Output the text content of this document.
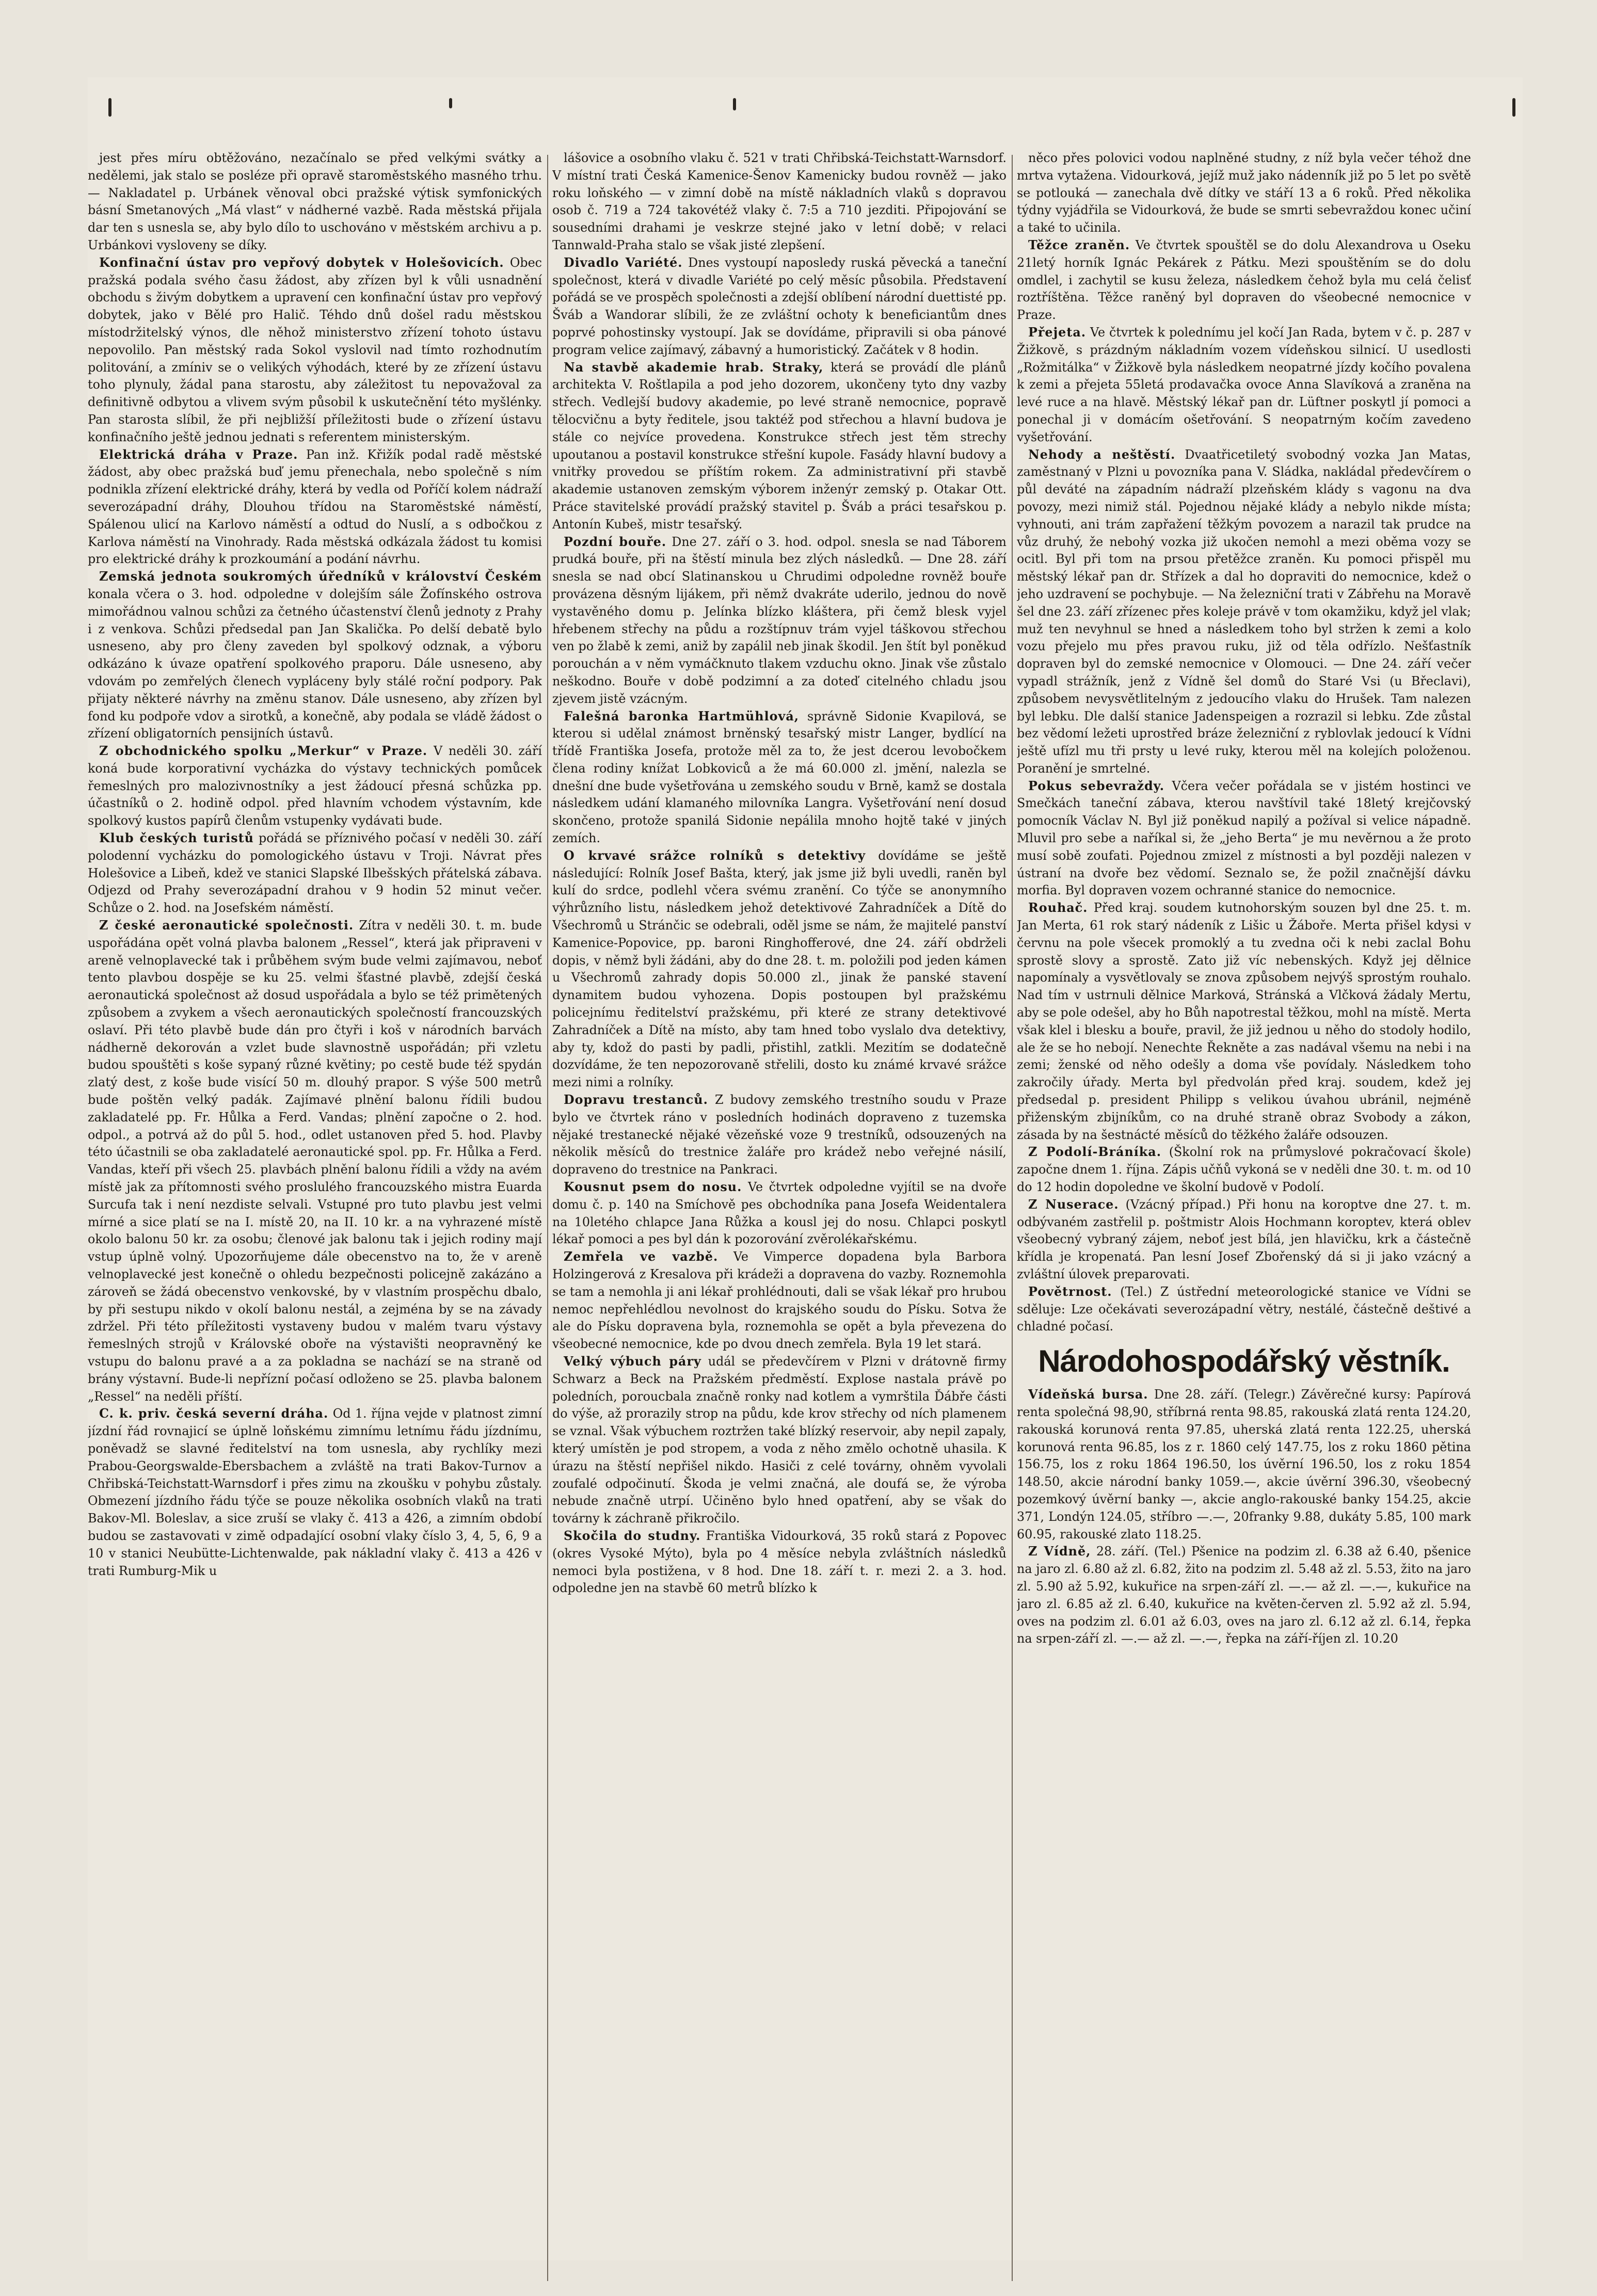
jest přes míru obtěžováno, nezačínalo se před velkými svátky a nedělemi, jak stalo se posléze při opravě staroměstského masného trhu. — Nakladatel p. Urbánek věnoval obci pražské výtisk symfonických básní Smetanových „Má vlast“ v nádherné vazbě. Rada městská přijala dar ten s usnesla se, aby bylo dílo to uschováno v městském archivu a p. Urbánkovi vysloveny se díky.

Konfinační ústav pro vepřový dobytek v Holešovicích. Obec pražská podala svého času žádost, aby zřízen byl k vůli usnadnění obchodu s živým dobytkem a upravení cen konfinační ústav pro vepřový dobytek, jako v Bělé pro Halič. Téhdo dnů došel radu městskou místodržitelský výnos, dle něhož ministerstvo zřízení tohoto ústavu nepovolilo. Pan městský rada Sokol vyslovil nad tímto rozhodnutím politování, a zmíniv se o velikých výhodách, které by ze zřízení ústavu toho plynuly, žádal pana starostu, aby záležitost tu nepovažoval za definitivně odbytou a vlivem svým působil k uskutečnění této myšlénky. Pan starosta slíbil, že při nejbližší příležitosti bude o zřízení ústavu konfinačního ještě jednou jednati s referentem ministerským.

Elektrická dráha v Praze. Pan inž. Křižík podal radě městské žádost, aby obec pražská buď jemu přenechala, nebo společně s ním podnikla zřízení elektrické dráhy, která by vedla od Poříčí kolem nádraží severozápadní dráhy, Dlouhou třídou na Staroměstské náměstí, Spálenou ulicí na Karlovo náměstí a odtud do Nuslí, a s odbočkou z Karlova náměstí na Vinohrady. Rada městská odkázala žádost tu komisi pro elektrické dráhy k prozkoumání a podání návrhu.

Zemská jednota soukromých úředníků v království Českém konala včera o 3. hod. odpoledne v dolejším sále Žofínského ostrova mimořádnou valnou schůzi za četného účastenství členů jednoty z Prahy i z venkova. Schůzi předsedal pan Jan Skalička. Po delší debatě bylo usneseno, aby pro členy zaveden byl spolkový odznak, a výboru odkázáno k úvaze opatření spolkového praporu. Dále usneseno, aby vdovám po zemřelých členech vypláceny byly stálé roční podpory. Pak přijaty některé návrhy na změnu stanov. Dále usneseno, aby zřízen byl fond ku podpoře vdov a sirotků, a konečně, aby podala se vládě žádost o zřízení obligatorních pensijních ústavů.

Z obchodnického spolku „Merkur“ v Praze. V neděli 30. září koná bude korporativní vycházka do výstavy technických pomůcek řemeslných pro malozivnostníky a jest žádoucí přesná schůzka pp. účastníků o 2. hodině odpol. před hlavním vchodem výstavním, kde spolkový kustos papírů členům vstupenky vydávati bude.

Klub českých turistů pořádá se příznivého počasí v neděli 30. září polodenní vycházku do pomologického ústavu v Troji. Návrat přes Holešovice a Libeň, kdež ve stanici Slapské Ilbešských přátelská zábava. Odjezd od Prahy severozápadní drahou v 9 hodin 52 minut večer. Schůze o 2. hod. na Josefském náměstí.

Z české aeronautické společnosti. Zítra v neděli 30. t. m. bude uspořádána opět volná plavba balonem „Ressel“, která jak připraveni v areně velnoplavecké tak i průběhem svým bude velmi zajímavou, neboť tento plavbou dospěje se ku 25. velmi šťastné plavbě, zdejší česká aeronautická společnost až dosud uspořádala a bylo se též primětených způsobem a zvykem a všech aeronautických společností francouzských oslaví. Při této plavbě bude dán pro čtyři i koš v národních barvách nádherně dekorován a vzlet bude slavnostně uspořádán; při vzletu budou spouštěti s koše sypaný různé květiny; po cestě bude též spydán zlatý dest, z koše bude visící 50 m. dlouhý prapor. S výše 500 metrů bude poštěn velký padák. Zajímavé plnění balonu řídili budou zakladatelé pp. Fr. Hůlka a Ferd. Vandas; plnění započne o 2. hod. odpol., a potrvá až do půl 5. hod., odlet ustanoven před 5. hod. Plavby této účastnili se oba zakladatelé aeronautické spol. pp. Fr. Hůlka a Ferd. Vandas, kteří při všech 25. plavbách plnění balonu řídili a vždy na avém místě jak za přítomnosti svého proslulého francouzského mistra Euarda Surcufa tak i není nezdiste selvali. Vstupné pro tuto plavbu jest velmi mírné a sice platí se na I. místě 20, na II. 10 kr. a na vyhrazené místě okolo balonu 50 kr. za osobu; členové jak balonu tak i jejich rodiny mají vstup úplně volný. Upozorňujeme dále obecenstvo na to, že v areně velnoplavecké jest konečně o ohledu bezpečnosti policejně zakázáno a zároveň se žádá obecenstvo venkovské, by v vlastním prospěchu dbalo, by při sestupu nikdo v okolí balonu nestál, a zejména by se na závady zdržel. Při této příležitosti vystaveny budou v malém tvaru výstavy řemeslných strojů v Královské oboře na výstavišti neopravněný ke vstupu do balonu pravé a a za pokladna se nachází se na straně od brány výstavní. Bude-li nepřízní počasí odloženo se 25. plavba balonem „Ressel“ na neděli příští.

C. k. priv. česká severní dráha. Od 1. října vejde v platnost zimní jízdní řád rovnajicí se úplně loňskému zimnímu letnímu řádu jízdnímu, poněvadž se slavné ředitelství na tom usnesla, aby rychlíky mezi Prabou-Georgswalde-Ebersbachem a zvláště na trati Bakov-Turnov a Chřibská-Teichstatt-Warnsdorf i přes zimu na zkoušku v pohybu zůstaly. Obmezení jízdního řádu týče se pouze několika osobních vlaků na trati Bakov-Ml. Boleslav, a sice zruší se vlaky č. 413 a 426, a zimním období budou se zastavovati v zimě odpadající osobní vlaky číslo 3, 4, 5, 6, 9 a 10 v stanici Neubütte-Lichtenwalde, pak nákladní vlaky č. 413 a 426 v trati Rumburg-Mik u

lášovice a osobního vlaku č. 521 v trati Chřibská-Teichstatt-Warnsdorf. V místní trati Česká Kamenice-Šenov Kamenicky budou rovněž — jako roku loňského — v zimní době na místě nákladních vlaků s dopravou osob č. 719 a 724 takovétéž vlaky č. 7:5 a 710 jezditi. Připojování se sousedními drahami je veskrze stejné jako v letní době; v relaci Tannwald-Praha stalo se však jisté zlepšení.

Divadlo Variété. Dnes vystoupí naposledy ruská pěvecká a taneční společnost, která v divadle Variété po celý měsíc působila. Představení pořádá se ve prospěch společnosti a zdejší oblíbení národní duettisté pp. Šváb a Wandorar slíbili, že ze zvláštní ochoty k beneficiantům dnes poprvé pohostinsky vystoupí. Jak se dovídáme, připravili si oba pánové program velice zajímavý, zábavný a humoristický. Začátek v 8 hodin.

Na stavbě akademie hrab. Straky, která se provádí dle plánů architekta V. Roštlapila a pod jeho dozorem, ukončeny tyto dny vazby střech. Vedlejší budovy akademie, po levé straně nemocnice, popravě tělocvičnu a byty ředitele, jsou taktéž pod střechou a hlavní budova je stále co nejvíce provedena. Konstrukce střech jest těm strechy upoutanou a postavil konstrukce střešní kupole. Fasády hlavní budovy a vnitřky provedou se příštím rokem. Za administrativní při stavbě akademie ustanoven zemským výborem inženýr zemský p. Otakar Ott. Práce stavitelské provádí pražský stavitel p. Šváb a práci tesařskou p. Antonín Kubeš, mistr tesařský.

Pozdní bouře. Dne 27. září o 3. hod. odpol. snesla se nad Táborem prudká bouře, při na štěstí minula bez zlých následků. — Dne 28. září snesla se nad obcí Slatinanskou u Chrudimi odpoledne rovněž bouře provázena děsným lijákem, při němž dvakráte uderilo, jednou do nově vystavěného domu p. Jelínka blízko kláštera, při čemž blesk vyjel hřebenem střechy na půdu a rozštípnuv trám vyjel táškovou střechou ven po žlabě k zemi, aniž by zapálil neb jinak škodil. Jen štít byl poněkud porouchán a v něm vymáčknuto tlakem vzduchu okno. Jinak vše zůstalo neškodno. Bouře v době podzimní a za doteď citelného chladu jsou zjevem jistě vzácným.

Falešná baronka Hartmühlová, správně Sidonie Kvapilová, se kterou si udělal známost brněnský tesařský mistr Langer, bydlící na třídě Františka Josefa, protože měl za to, že jest dcerou levobočkem člena rodiny knížat Lobkoviců a že má 60.000 zl. jmění, nalezla se dnešní dne bude vyšetřována u zemského soudu v Brně, kamž se dostala následkem udání klamaného milovníka Langra. Vyšetřování není dosud skončeno, protože spanilá Sidonie nepálila mnoho hojtě také v jiných zemích.

O krvavé srážce rolníků s detektivy dovídáme se ještě následující: Rolník Josef Bašta, který, jak jsme již byli uvedli, raněn byl kulí do srdce, podlehl včera svému zranění. Co týče se anonymního výhrůzního listu, následkem jehož detektivové Zahradníček a Dítě do Všechromů u Stránčic se odebrali, oděl jsme se nám, že majitelé panství Kamenice-Popovice, pp. baroni Ringhofferové, dne 24. září obdrželi dopis, v němž byli žádáni, aby do dne 28. t. m. položili pod jeden kámen u Všechromů zahrady dopis 50.000 zl., jinak že panské stavení dynamitem budou vyhozena. Dopis postoupen byl pražskému policejnímu ředitelství pražskému, při které ze strany detektivové Zahradníček a Dítě na místo, aby tam hned tobo vyslalo dva detektivy, aby ty, kdož do pasti by padli, přistihl, zatkli. Mezitím se dodatečně dozvídáme, že ten nepozorovaně střelili, dosto ku známé krvavé srážce mezi nimi a rolníky.

Dopravu trestanců. Z budovy zemského trestního soudu v Praze bylo ve čtvrtek ráno v posledních hodinách dopraveno z tuzemska nějaké trestanecké nějaké vězeňské voze 9 trestníků, odsouzených na několik měsíců do trestnice žaláře pro krádež nebo veřejné násilí, dopraveno do trestnice na Pankraci.

Kousnut psem do nosu. Ve čtvrtek odpoledne vyjítil se na dvoře domu č. p. 140 na Smíchově pes obchodníka pana Josefa Weidentalera na 10letého chlapce Jana Růžka a kousl jej do nosu. Chlapci poskytl lékař pomoci a pes byl dán k pozorování zvěrolékařskému.

Zemřela ve vazbě. Ve Vimperce dopadena byla Barbora Holzingerová z Kresalova při krádeži a dopravena do vazby. Roznemohla se tam a nemohla ji ani lékař prohlédnouti, dali se však lékař pro hrubou nemoc nepřehlédlou nevolnost do krajského soudu do Písku. Sotva že ale do Písku dopravena byla, roznemohla se opět a byla převezena do všeobecné nemocnice, kde po dvou dnech zemřela. Byla 19 let stará.

Velký výbuch páry udál se předevčírem v Plzni v drátovně firmy Schwarz a Beck na Pražském předměstí. Explose nastala právě po poledních, poroucbala značně ronky nad kotlem a vymrštila Ďábře části do výše, až prorazily strop na půdu, kde krov střechy od ních plamenem se vznal. Však výbuchem roztržen také blízký reservoir, aby nepil zapaly, který umístěn je pod stropem, a voda z něho změlo ochotně uhasila. K úrazu na štěstí nepřišel nikdo. Hasiči z celé továrny, ohněm vyvolali zoufalé odpočinutí. Škoda je velmi značná, ale doufá se, že výroba nebude značně utrpí. Učiněno bylo hned opatření, aby se však do továrny k záchraně přikročilo.

Skočila do studny. Františka Vidourková, 35 roků stará z Popovec (okres Vysoké Mýto), byla po 4 měsíce nebyla zvláštních následků nemoci byla postižena, v 8 hod. Dne 18. září t. r. mezi 2. a 3. hod. odpoledne jen na stavbě 60 metrů blízko k

něco přes polovici vodou naplněné studny, z níž byla večer téhož dne mrtva vytažena. Vidourková, jejíž muž jako nádenník již po 5 let po světě se potlouká — zanechala dvě dítky ve stáří 13 a 6 roků. Před několika týdny vyjádřila se Vidourková, že bude se smrti sebevraždou konec učiní a také to učinila.

Těžce zraněn. Ve čtvrtek spouštěl se do dolu Alexandrova u Oseku 21letý horník Ignác Pekárek z Pátku. Mezi spouštěním se do dolu omdlel, i zachytil se kusu železa, následkem čehož byla mu celá čelisť roztříštěna. Těžce raněný byl dopraven do všeobecné nemocnice v Praze.

Přejeta. Ve čtvrtek k polednímu jel kočí Jan Rada, bytem v č. p. 287 v Žižkově, s prázdným nákladním vozem vídeňskou silnicí. U usedlosti „Rožmitálka“ v Žižkově byla následkem neopatrné jízdy kočího povalena k zemi a přejeta 55letá prodavačka ovoce Anna Slavíková a zraněna na levé ruce a na hlavě. Městský lékař pan dr. Lüftner poskytl jí pomoci a ponechal ji v domácím ošetřování. S neopatrným kočím zavedeno vyšetřování.

Nehody a neštěstí. Dvaatřicetiletý svobodný vozka Jan Matas, zaměstnaný v Plzni u povozníka pana V. Sládka, nakládal předevčírem o půl deváté na západním nádraží plzeňském klády s vagonu na dva povozy, mezi nimiž stál. Pojednou nějaké klády a nebylo nikde místa; vyhnouti, ani trám zapřažení těžkým povozem a narazil tak prudce na vůz druhý, že nebohý vozka již ukočen nemohl a mezi oběma vozy se ocitl. Byl při tom na prsou přetěžce zraněn. Ku pomoci přispěl mu městský lékař pan dr. Střízek a dal ho dopraviti do nemocnice, kdež o jeho uzdravení se pochybuje. — Na železniční trati v Zábřehu na Moravě šel dne 23. září zřízenec přes koleje právě v tom okamžiku, když jel vlak; muž ten nevyhnul se hned a následkem toho byl stržen k zemi a kolo vozu přejelo mu přes pravou ruku, již od těla odřízlo. Nešťastník dopraven byl do zemské nemocnice v Olomouci. — Dne 24. září večer vypadl strážník, jenž z Vídně šel domů do Staré Vsi (u Břeclavi), způsobem nevysvětlitelným z jedoucího vlaku do Hrušek. Tam nalezen byl lebku. Dle další stanice Jadenspeigen a rozrazil si lebku. Zde zůstal bez vědomí ležeti uprostřed bráze železniční z ryblovlak jedoucí k Vídni ještě ufízl mu tři prsty u levé ruky, kterou měl na kolejích položenou. Poranění je smrtelné.

Pokus sebevraždy. Včera večer pořádala se v jistém hostinci ve Smečkách taneční zábava, kterou navštívil také 18letý krejčovský pomocník Václav N. Byl již poněkud napilý a požíval si velice nápadně. Mluvil pro sebe a naříkal si, že „jeho Berta“ je mu nevěrnou a že proto musí sobě zoufati. Pojednou zmizel z místnosti a byl později nalezen v ústraní na dvoře bez vědomí. Seznalo se, že požil značnější dávku morfia. Byl dopraven vozem ochranné stanice do nemocnice.

Rouhač. Před kraj. soudem kutnohorským souzen byl dne 25. t. m. Jan Merta, 61 rok starý nádeník z Lišic u Žáboře. Merta přišel kdysi v červnu na pole všecek promoklý a tu zvedna oči k nebi zaclal Bohu sprostě slovy a sprostě. Zato již víc nebenských. Když jej dělnice napomínaly a vysvětlovaly se znova způsobem nejvýš sprostým rouhalo. Nad tím v ustrnuli dělnice Marková, Stránská a Vlčková žádaly Mertu, aby se pole odešel, aby ho Bůh napotrestal těžkou, mohl na místě. Merta však klel i blesku a bouře, pravil, že již jednou u něho do stodoly hodilo, ale že se ho nebojí. Nenechte Řekněte a zas nadával všemu na nebi i na zemi; ženské od něho odešly a doma vše povídaly. Následkem toho zakročily úřady. Merta byl předvolán před kraj. soudem, kdež jej předsedal p. president Philipp s velikou úvahou ubránil, nejméně přiženským zbijníkům, co na druhé straně obraz Svobody a zákon, zásada by na šestnácté měsíců do těžkého žaláře odsouzen.

Z Podolí-Bráníka. (Školní rok na průmyslové pokračovací škole) započne dnem 1. října. Zápis učňů vykoná se v neděli dne 30. t. m. od 10 do 12 hodin dopoledne ve školní budově v Podolí.

Z Nuserace. (Vzácný případ.) Při honu na koroptve dne 27. t. m. odbývaném zastřelil p. poštmistr Alois Hochmann koroptev, která oblev všeobecný vybraný zájem, neboť jest bílá, jen hlavičku, krk a částečně křídla je kropenatá. Pan lesní Josef Zbořenský dá si ji jako vzácný a zvláštní úlovek preparovati.

Povětrnost. (Tel.) Z ústřední meteorologické stanice ve Vídni se sděluje: Lze očekávati severozápadní větry, nestálé, částečně deštivé a chladné počasí.

Národohospodářský věstník.

Vídeňská bursa. Dne 28. září. (Telegr.) Závěrečné kursy: Papírová renta společná 98,90, stříbrná renta 98.85, rakouská zlatá renta 124.20, rakouská korunová renta 97.85, uherská zlatá renta 122.25, uherská korunová renta 96.85, los z r. 1860 celý 147.75, los z roku 1860 pětina 156.75, los z roku 1864 196.50, los úvěrní 196.50, los z roku 1854 148.50, akcie národní banky 1059.—, akcie úvěrní 396.30, všeobecný pozemkový úvěrní banky —, akcie anglo-rakouské banky 154.25, akcie 371, Londýn 124.05, stříbro —.—, 20franky 9.88, dukáty 5.85, 100 mark 60.95, rakouské zlato 118.25.

Z Vídně, 28. září. (Tel.) Pšenice na podzim zl. 6.38 až 6.40, pšenice na jaro zl. 6.80 až zl. 6.82, žito na podzim zl. 5.48 až zl. 5.53, žito na jaro zl. 5.90 až 5.92, kukuřice na srpen-září zl. —.— až zl. —.—, kukuřice na jaro zl. 6.85 až zl. 6.40, kukuřice na květen-červen zl. 5.92 až zl. 5.94, oves na podzim zl. 6.01 až 6.03, oves na jaro zl. 6.12 až zl. 6.14, řepka na srpen-září zl. —.— až zl. —.—, řepka na září-říjen zl. 10.20
